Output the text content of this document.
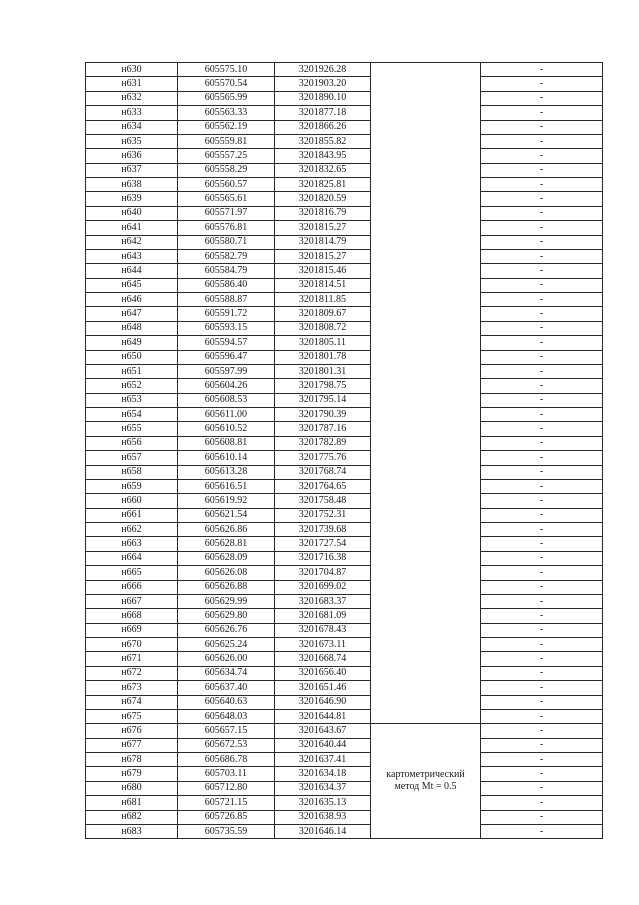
н630	605575.10	3201926.28		-
н631	605570.54	3201903.20		-
н632	605565.99	3201890.10		-
н633	605563.33	3201877.18		-
н634	605562.19	3201866.26		-
н635	605559.81	3201855.82		-
н636	605557.25	3201843.95		-
н637	605558.29	3201832.65		-
н638	605560.57	3201825.81		-
н639	605565.61	3201820.59		-
н640	605571.97	3201816.79		-
н641	605576.81	3201815.27		-
н642	605580.71	3201814.79		-
н643	605582.79	3201815.27		-
н644	605584.79	3201815.46		-
н645	605586.40	3201814.51		-
н646	605588.87	3201811.85		-
н647	605591.72	3201809.67		-
н648	605593.15	3201808.72		-
н649	605594.57	3201805.11		-
н650	605596.47	3201801.78		-
н651	605597.99	3201801.31		-
н652	605604.26	3201798.75		-
н653	605608.53	3201795.14		-
н654	605611.00	3201790.39		-
н655	605610.52	3201787.16		-
н656	605608.81	3201782.89		-
н657	605610.14	3201775.76		-
н658	605613.28	3201768.74		-
н659	605616.51	3201764.65		-
н660	605619.92	3201758.48		-
н661	605621.54	3201752.31		-
н662	605626.86	3201739.68		-
н663	605628.81	3201727.54		-
н664	605628.09	3201716.38		-
н665	605626.08	3201704.87		-
н666	605626.88	3201699.02		-
н667	605629.99	3201683.37		-
н668	605629.80	3201681.09		-
н669	605626.76	3201678.43		-
н670	605625.24	3201673.11		-
н671	605626.00	3201668.74		-
н672	605634.74	3201656.40		-
н673	605637.40	3201651.46		-
н674	605640.63	3201646.90		-
н675	605648.03	3201644.81		-
н676	605657.15	3201643.67	картометрический
метод Mt = 0.5	-
н677	605672.53	3201640.44		-
н678	605686.78	3201637.41		-
н679	605703.11	3201634.18		-
н680	605712.80	3201634.37		-
н681	605721.15	3201635.13		-
н682	605726.85	3201638.93		-
н683	605735.59	3201646.14		-
